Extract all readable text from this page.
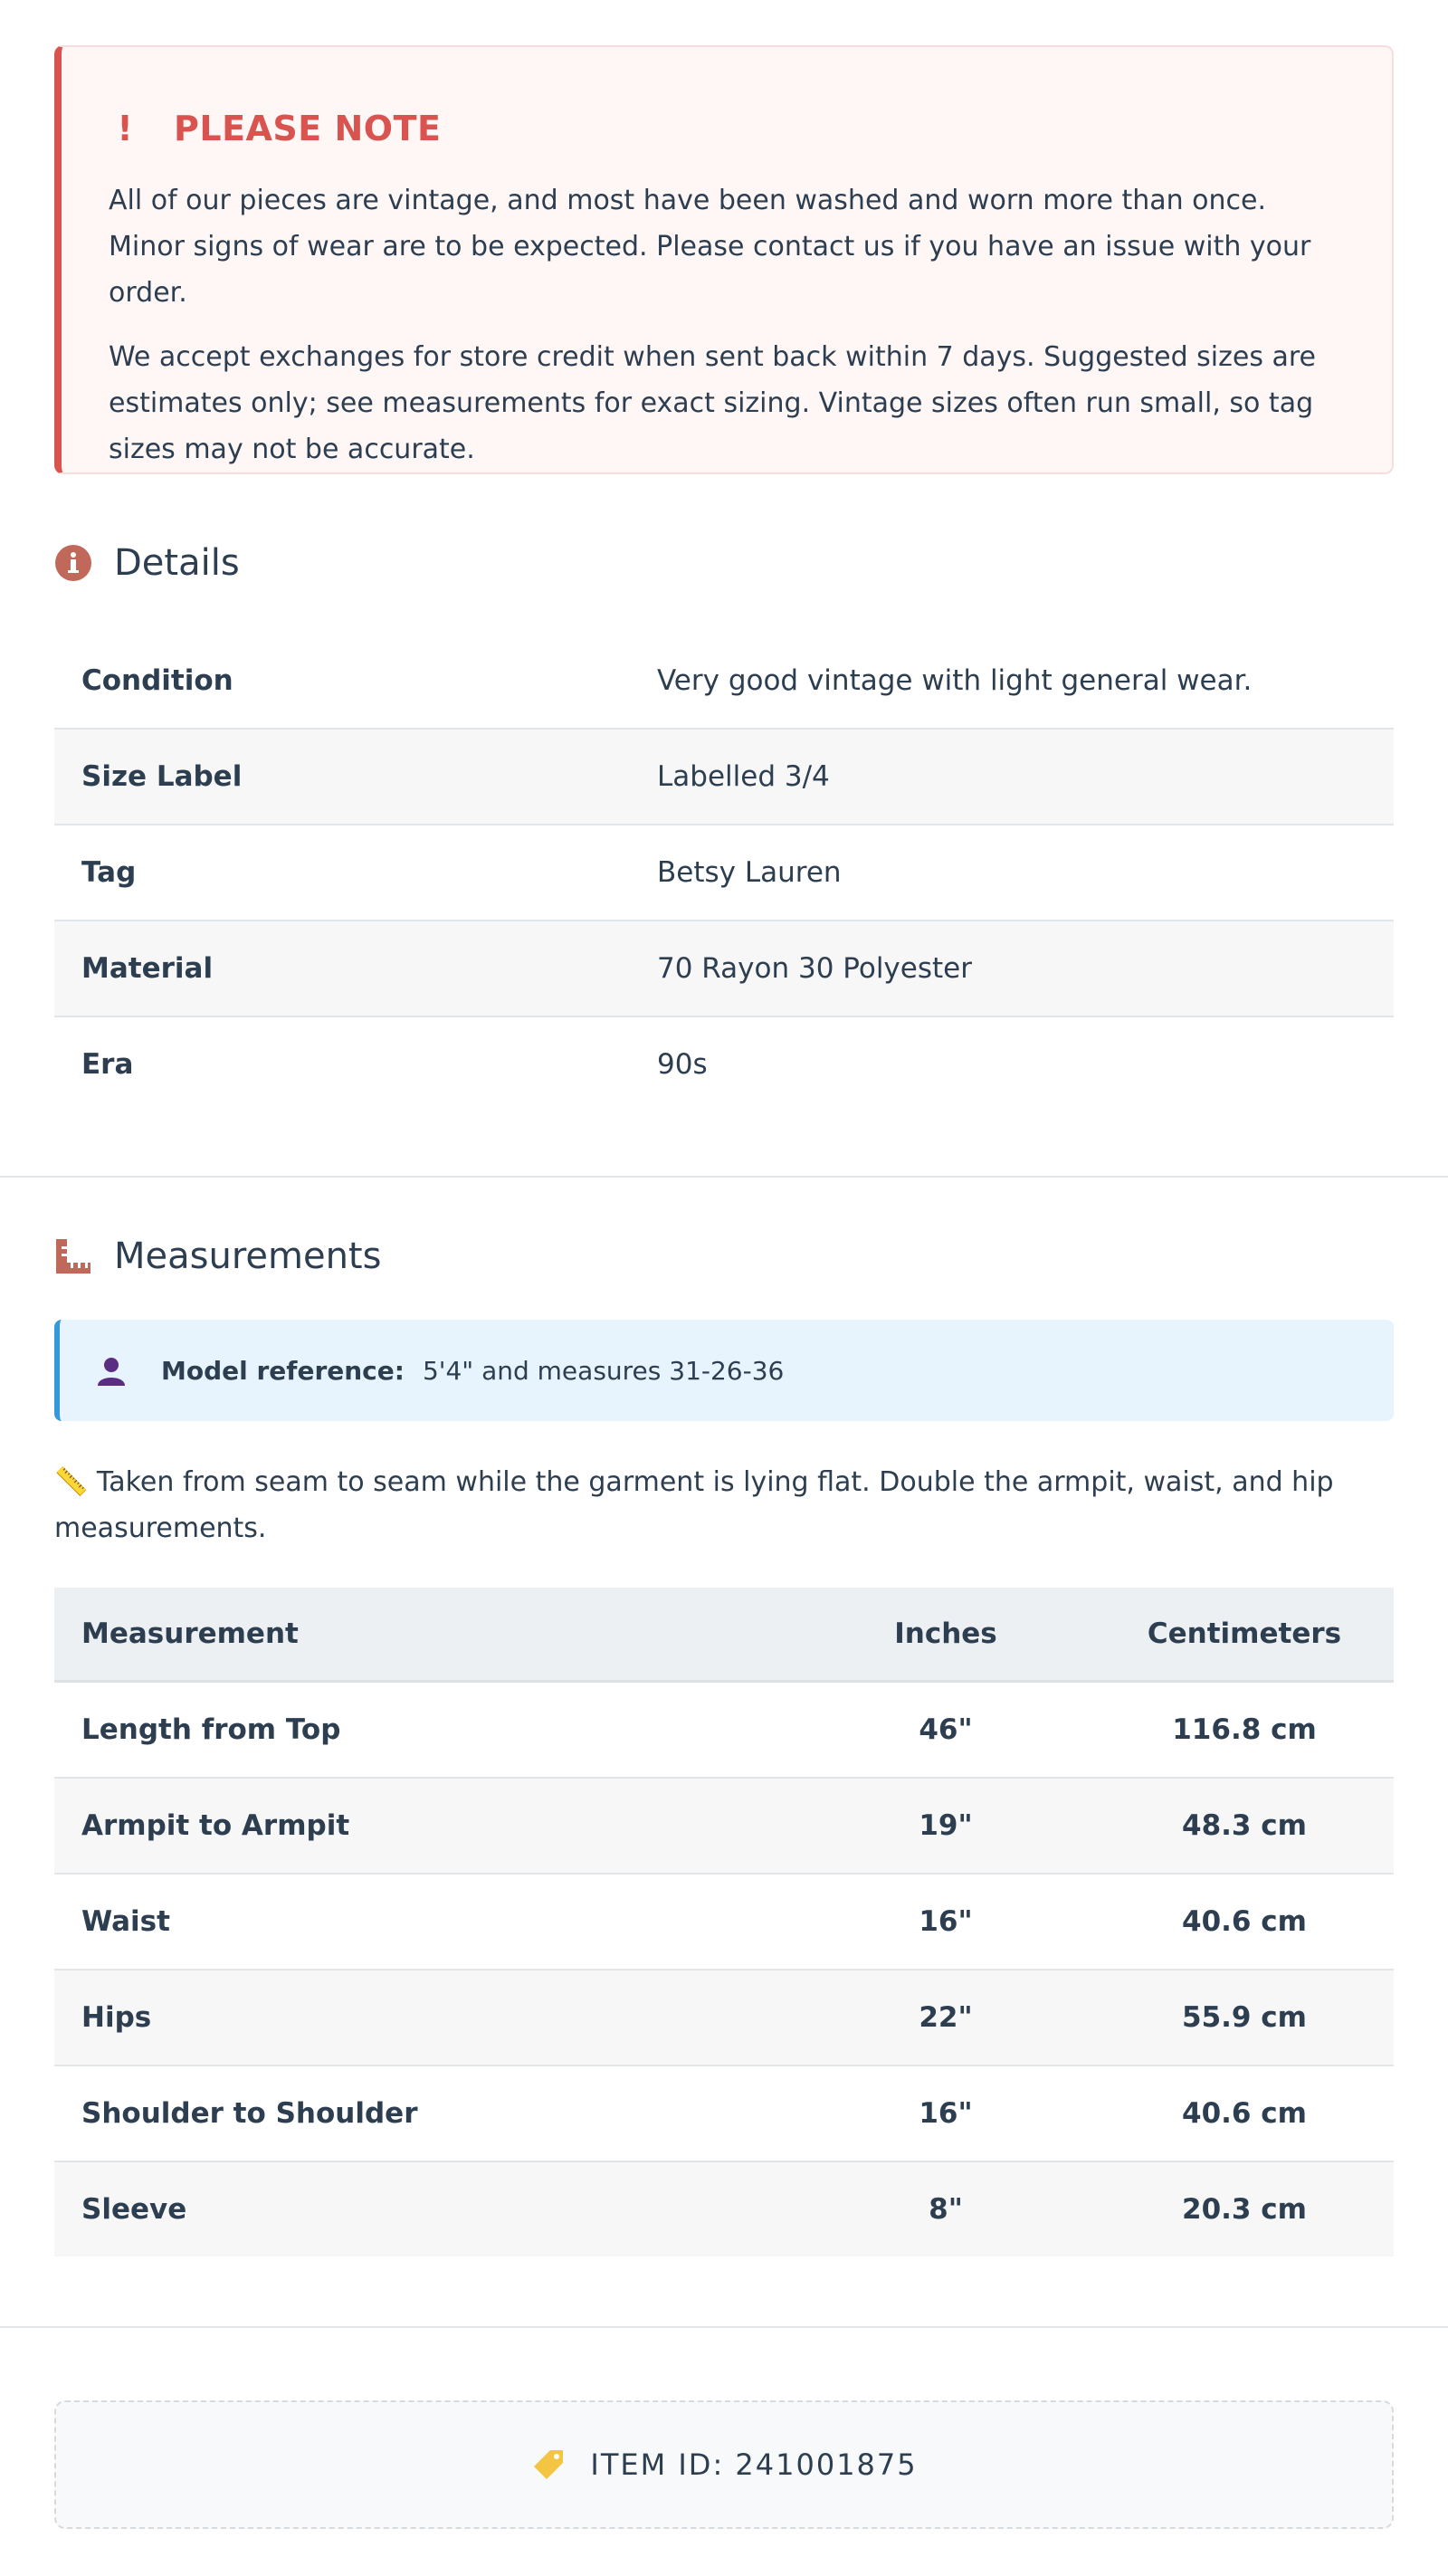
! PLEASE NOTE

All of our pieces are vintage, and most have been washed and worn more than once. Minor signs of wear are to be expected. Please contact us if you have an issue with your order.

We accept exchanges for store credit when sent back within 7 days. Suggested sizes are estimates only; see measurements for exact sizing. Vintage sizes often run small, so tag sizes may not be accurate.

Details
Condition	Very good vintage with light general wear.
Size Label	Labelled 3/4
Tag	Betsy Lauren
Material	70 Rayon 30 Polyester
Era	90s
Measurements
Model reference: 5'4" and measures 31-26-36
📏 Taken from seam to seam while the garment is lying flat. Double the armpit, waist, and hip measurements.
Measurement	Inches	Centimeters
Length from Top	46"	116.8 cm
Armpit to Armpit	19"	48.3 cm
Waist	16"	40.6 cm
Hips	22"	55.9 cm
Shoulder to Shoulder	16"	40.6 cm
Sleeve	8"	20.3 cm
ITEM ID: 241001875
